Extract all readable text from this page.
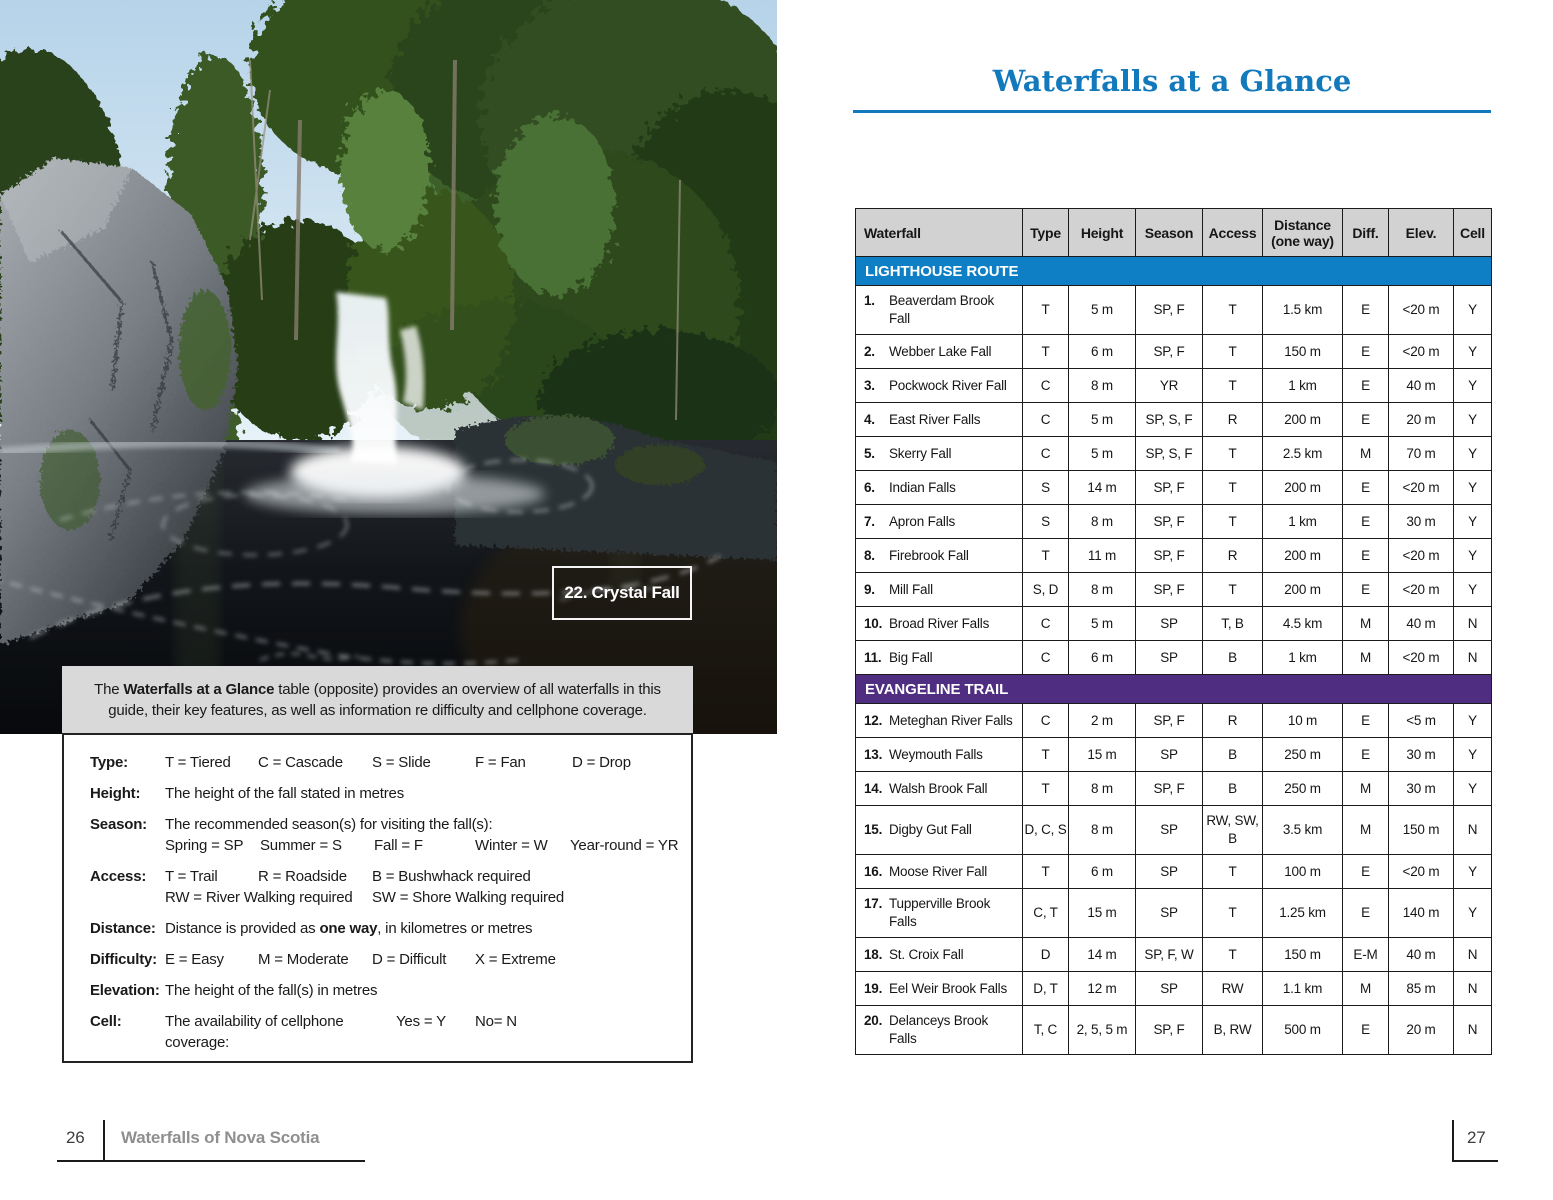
22. Crystal Fall

The Waterfalls at a Glance table (opposite) provides an overview of all waterfalls in this guide, their key features, as well as information re difficulty and cellphone coverage.

Type:	T = Tiered C = Cascade S = Slide	F = Fan	D = Drop
Height:	The height of the fall stated in metres
Season:	The recommended season(s) for visiting the fall(s):
Spring = SP Summer = S Fall = F	Winter = W Year-round = YR
Access:	T = Trail	R = Roadside B = Bushwhack required
RW = River Walking required SW = Shore Walking required
Distance: Distance is provided as one way, in kilometres or metres
Difficulty: E = Easy M = Moderate D = Difficult X = Extreme
Elevation: The height of the fall(s) in metres
Cell:	The availability of cellphone coverage:Yes = Y No= N
26 Waterfalls of Nova Scotia
Waterfalls at a Glance
Waterfall	Type	Height	Season	Access	Distance (one way)	Diff.	Elev.	Cell
LIGHTHOUSE ROUTE								

1. Beaverdam Brook Fall	T	5 m	SP, F	T	1.5 km	E	<20 m	Y

2. Webber Lake Fall	T	6 m	SP, F	T	150 m	E	<20 m	Y

3. Pockwock River Fall	C	8 m	YR	T	1 km	E	40 m	Y

4. East River Falls	C	5 m	SP, S, F	R	200 m	E	20 m	Y

5. Skerry Fall	C	5 m	SP, S, F	T	2.5 km	M	70 m	Y

6. Indian Falls	S	14 m	SP, F	T	200 m	E	<20 m	Y

7. Apron Falls	S	8 m	SP, F	T	1 km	E	30 m	Y

8. Firebrook Fall	T	11 m	SP, F	R	200 m	E	<20 m	Y

9. Mill Fall	S, D	8 m	SP, F	T	200 m	E	<20 m	Y

10. Broad River Falls	C	5 m	SP	T, B	4.5 km	M	40 m	N

11. Big Fall	C	6 m	SP	B	1 km	M	<20 m	N
EVANGELINE TRAIL								

12. Meteghan River Falls	C	2 m	SP, F	R	10 m	E	<5 m	Y

13. Weymouth Falls	T	15 m	SP	B	250 m	E	30 m	Y

14. Walsh Brook Fall	T	8 m	SP, F	B	250 m	M	30 m	Y

15. Digby Gut Fall	D, C, S	8 m	SP	RW, SW, B	3.5 km	M	150 m	N

16. Moose River Fall	T	6 m	SP	T	100 m	E	<20 m	Y

17. Tupperville Brook Falls	C, T	15 m	SP	T	1.25 km	E	140 m	Y

18. St. Croix Fall	D	14 m	SP, F, W	T	150 m	E-M	40 m	N

19. Eel Weir Brook Falls	D, T	12 m	SP	RW	1.1 km	M	85 m	N

20. Delanceys Brook Falls	T, C	2, 5, 5 m	SP, F	B, RW	500 m	E	20 m	N
27
